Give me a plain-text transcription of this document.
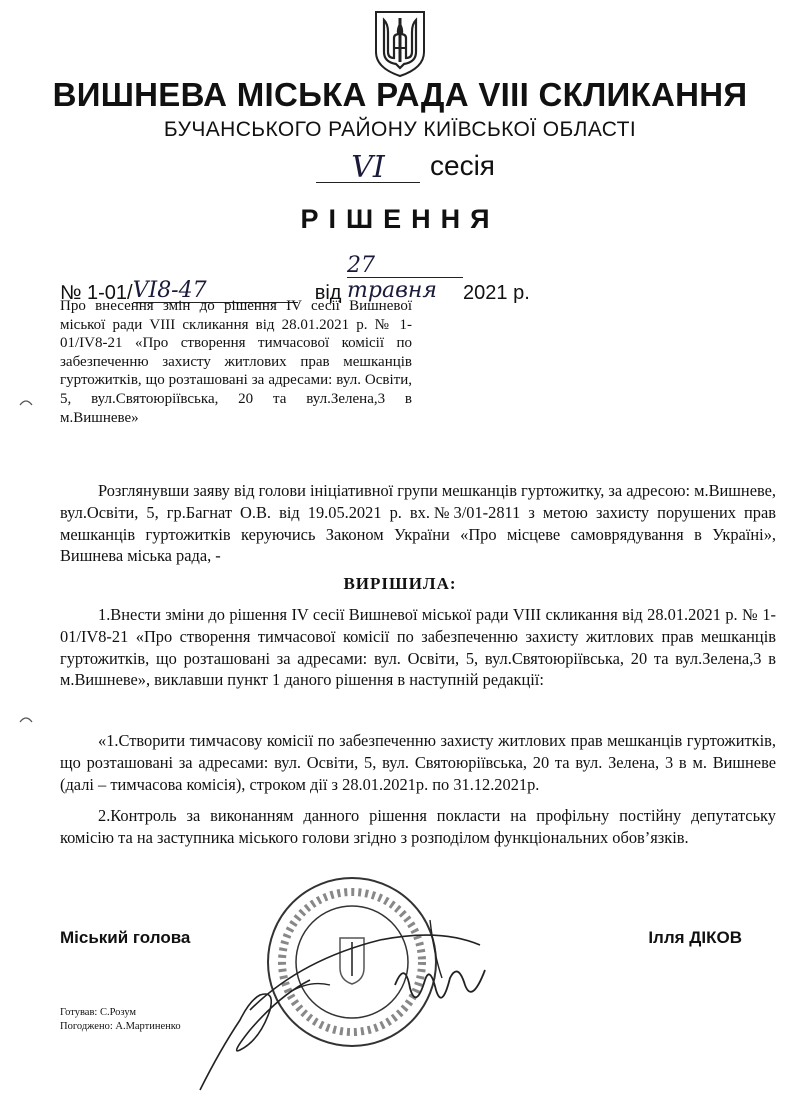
ВИШНЕВА МІСЬКА РАДА VIII СКЛИКАННЯ
БУЧАНСЬКОГО РАЙОНУ КИЇВСЬКОЇ ОБЛАСТІ
VI	сесія
РІШЕННЯ
№ 1-01/VI8-47	від 27 травня 2021 р.
Про внесення змін до рішення IV сесії Вишневої міської ради VIII скликання від 28.01.2021 р. № 1-01/IV8-21 «Про створення тимчасової комісії по забезпеченню захисту житлових прав мешканців гуртожитків, що розташовані за адресами: вул. Освіти, 5, вул.Святоюріївська, 20 та вул.Зелена,3 в м.Вишневе»
Розглянувши заяву від голови ініціативної групи мешканців гуртожитку, за адресою: м.Вишневе, вул.Освіти, 5, гр.Багнат О.В. від 19.05.2021 р. вх.№3/01-2811 з метою захисту порушених прав мешканців гуртожитків керуючись Законом України «Про місцеве самоврядування в Україні», Вишнева міська рада, -
ВИРІШИЛА:
1.Внести зміни до рішення IV сесії Вишневої міської ради VIII скликання від 28.01.2021 р. № 1-01/IV8-21 «Про створення тимчасової комісії по забезпеченню захисту житлових прав мешканців гуртожитків, що розташовані за адресами: вул. Освіти, 5, вул.Святоюріївська, 20 та вул.Зелена,3 в м.Вишневе», виклавши пункт 1 даного рішення в наступній редакції:
«1.Створити тимчасову комісії по забезпеченню захисту житлових прав мешканців гуртожитків, що розташовані за адресами: вул. Освіти, 5, вул. Святоюріївська, 20 та вул. Зелена, 3 в м. Вишневе (далі – тимчасова комісія), строком дії з 28.01.2021р. по 31.12.2021р.
2.Контроль за виконанням данного рішення покласти на профільну постійну депутатську комісію та на заступника міського голови згідно з розподілом функціональних обов’язків.
Міський голова	Ілля ДІКОВ
Готував: С.Розум
Погоджено: А.Мартиненко
